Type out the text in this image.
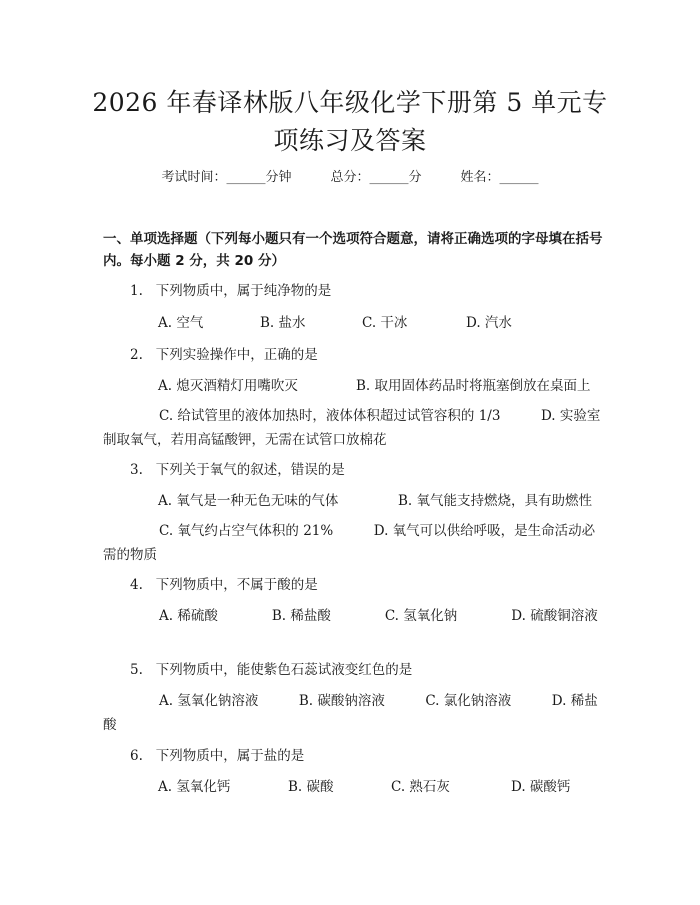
2026 年春译林版八年级化学下册第 5 单元专
项练习及答案
考试时间：______分钟　　　	总分：______分　　　	姓名：______
一、单项选择题（下列每小题只有一个选项符合题意，请将正确选项的字母填在括号内。每小题 2 分，共 20 分）
1. 下列物质中，属于纯净物的是
A. 空气	B. 盐水	C. 干冰	D. 汽水
2. 下列实验操作中，正确的是
A. 熄灭酒精灯用嘴吹灭	B. 取用固体药品时将瓶塞倒放在桌面上
C. 给试管里的液体加热时，液体体积超过试管容积的 1/3　　　D. 实验室制取氧气，若用高锰酸钾，无需在试管口放棉花
3. 下列关于氧气的叙述，错误的是
A. 氧气是一种无色无味的气体	B. 氧气能支持燃烧，具有助燃性
C. 氧气约占空气体积的 21%　　　D. 氧气可以供给呼吸，是生命活动必需的物质
4. 下列物质中，不属于酸的是
A. 稀硫酸　　　　B. 稀盐酸　　　　C. 氢氧化钠　　　　D. 硫酸铜溶液
5. 下列物质中，能使紫色石蕊试液变红色的是
A. 氢氧化钠溶液　　　B. 碳酸钠溶液　　　C. 氯化钠溶液　　　D. 稀盐酸
6. 下列物质中，属于盐的是
A. 氢氧化钙	B. 碳酸	C. 熟石灰	D. 碳酸钙
